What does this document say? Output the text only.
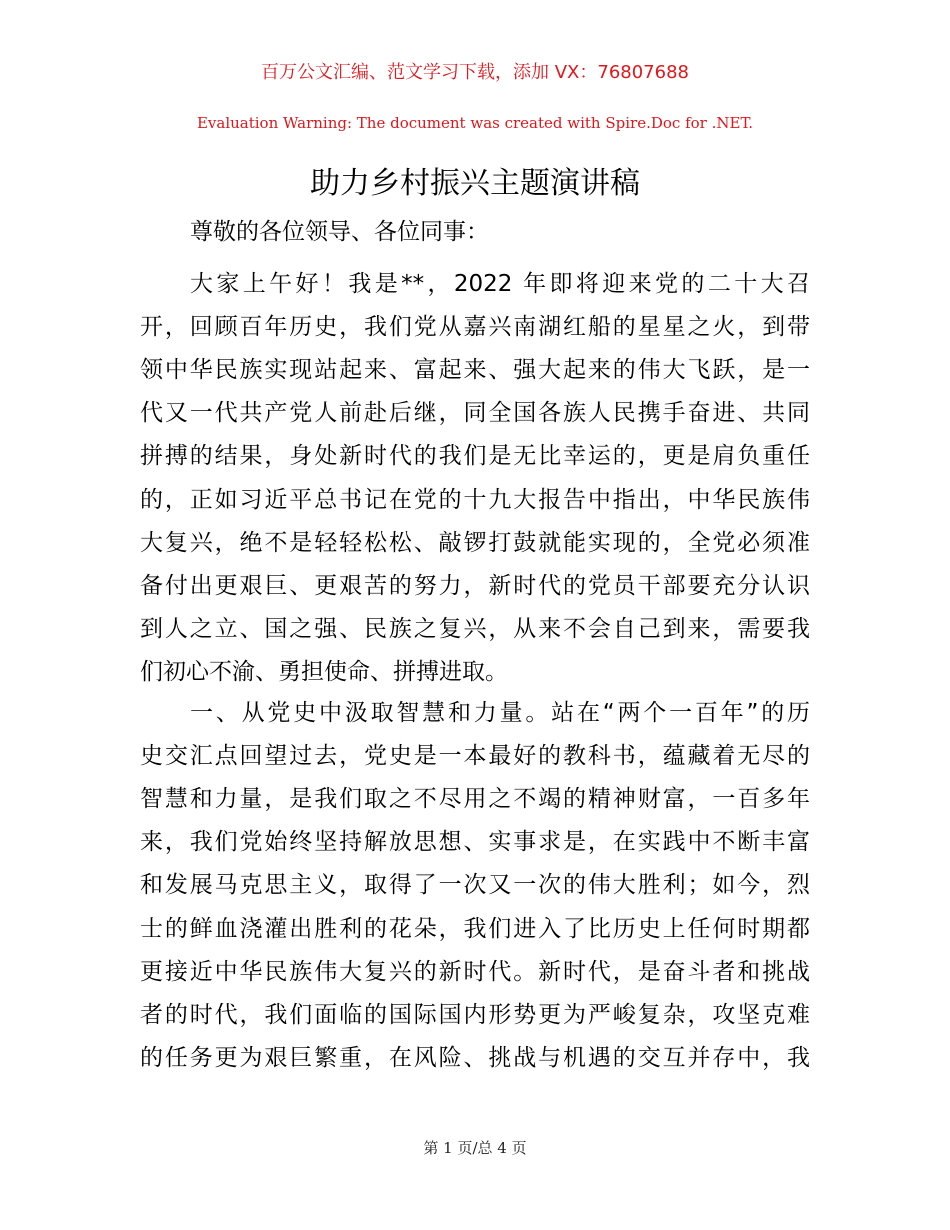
百万公文汇编、范文学习下载，添加 VX：76807688
Evaluation Warning: The document was created with Spire.Doc for .NET.
助力乡村振兴主题演讲稿
尊敬的各位领导、各位同事：
大家上午好！我是**，2022 年即将迎来党的二十大召
开，回顾百年历史，我们党从嘉兴南湖红船的星星之火，到带
领中华民族实现站起来、富起来、强大起来的伟大飞跃，是一
代又一代共产党人前赴后继，同全国各族人民携手奋进、共同
拼搏的结果，身处新时代的我们是无比幸运的，更是肩负重任
的，正如习近平总书记在党的十九大报告中指出，中华民族伟
大复兴，绝不是轻轻松松、敲锣打鼓就能实现的，全党必须准
备付出更艰巨、更艰苦的努力，新时代的党员干部要充分认识
到人之立、国之强、民族之复兴，从来不会自己到来，需要我
们初心不渝、勇担使命、拼搏进取。
一、从党史中汲取智慧和力量。站在“两个一百年”的历
史交汇点回望过去，党史是一本最好的教科书，蕴藏着无尽的
智慧和力量，是我们取之不尽用之不竭的精神财富，一百多年
来，我们党始终坚持解放思想、实事求是，在实践中不断丰富
和发展马克思主义，取得了一次又一次的伟大胜利；如今，烈
士的鲜血浇灌出胜利的花朵，我们进入了比历史上任何时期都
更接近中华民族伟大复兴的新时代。新时代，是奋斗者和挑战
者的时代，我们面临的国际国内形势更为严峻复杂，攻坚克难
的任务更为艰巨繁重，在风险、挑战与机遇的交互并存中，我
第 1 页/总 4 页
